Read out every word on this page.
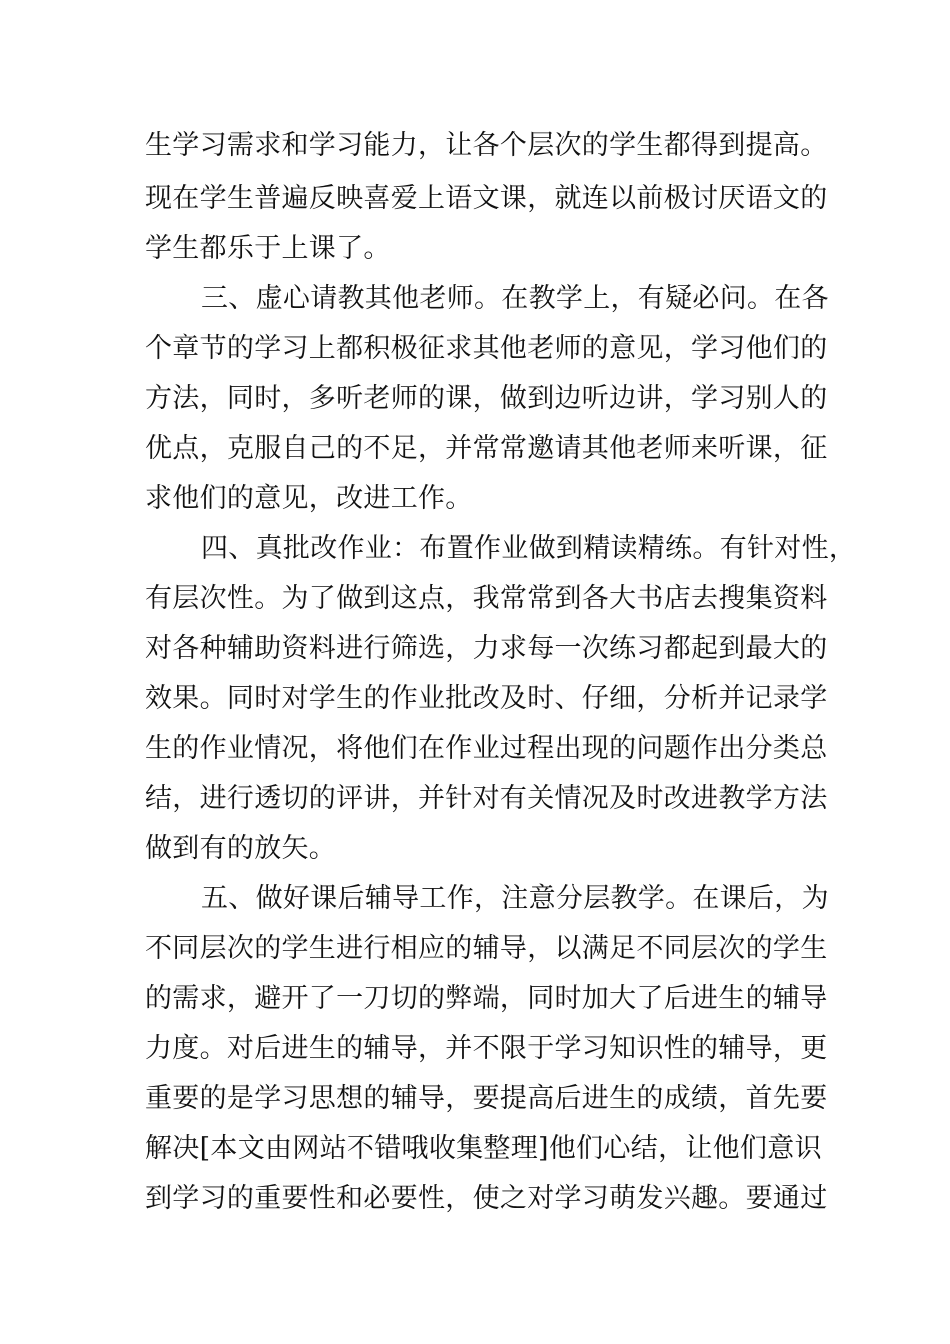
生学习需求和学习能力，让各个层次的学生都得到提高。
现在学生普遍反映喜爱上语文课，就连以前极讨厌语文的
学生都乐于上课了。
三、虚心请教其他老师。在教学上，有疑必问。在各
个章节的学习上都积极征求其他老师的意见，学习他们的
方法，同时，多听老师的课，做到边听边讲，学习别人的
优点，克服自己的不足，并常常邀请其他老师来听课，征
求他们的意见，改进工作。
四、真批改作业：布置作业做到精读精练。有针对性，
有层次性。为了做到这点，我常常到各大书店去搜集资料
对各种辅助资料进行筛选，力求每一次练习都起到最大的
效果。同时对学生的作业批改及时、仔细，分析并记录学
生的作业情况，将他们在作业过程出现的问题作出分类总
结，进行透切的评讲，并针对有关情况及时改进教学方法
做到有的放矢。
五、做好课后辅导工作，注意分层教学。在课后，为
不同层次的学生进行相应的辅导，以满足不同层次的学生
的需求，避开了一刀切的弊端，同时加大了后进生的辅导
力度。对后进生的辅导，并不限于学习知识性的辅导，更
重要的是学习思想的辅导，要提高后进生的成绩，首先要
解决[本文由网站不错哦收集整理]他们心结，让他们意识
到学习的重要性和必要性，使之对学习萌发兴趣。要通过
